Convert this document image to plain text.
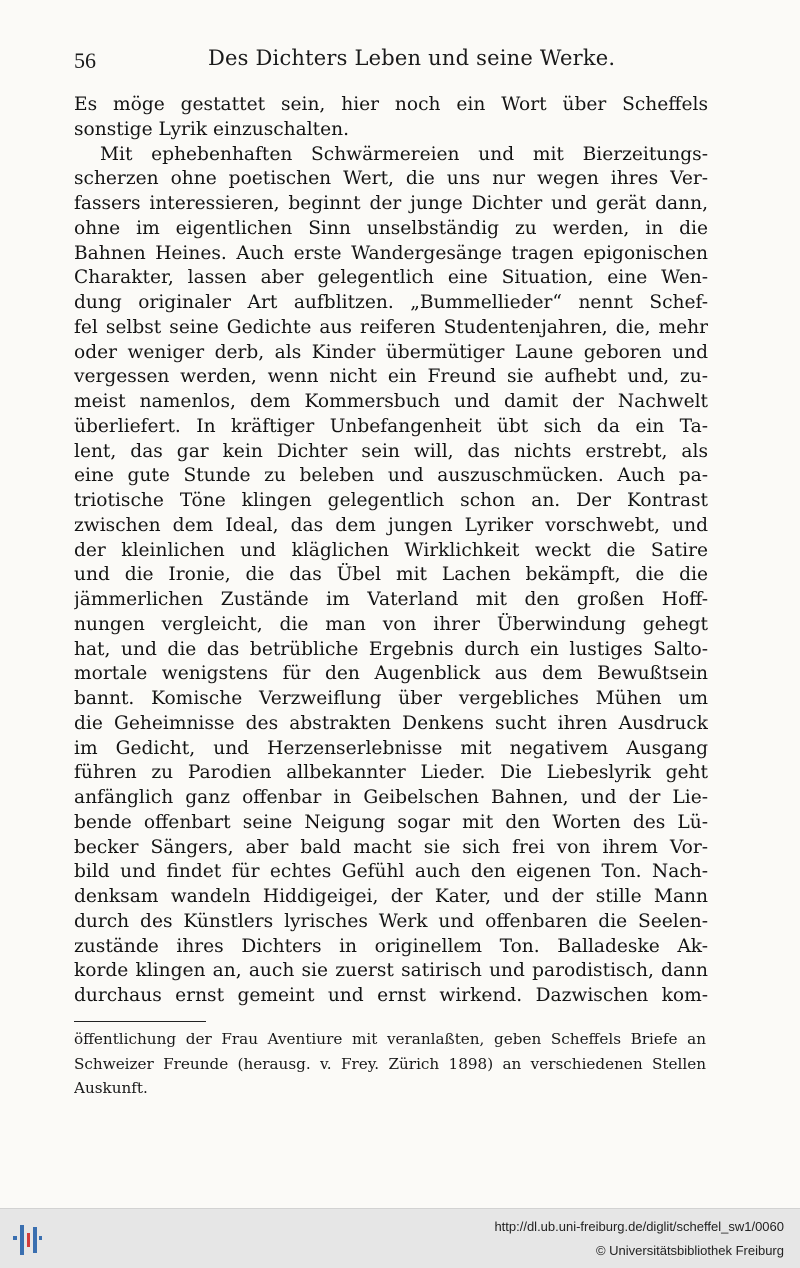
56	Des Dichters Leben und seine Werke.
Es möge gestattet sein, hier noch ein Wort über Scheffels
sonstige Lyrik einzuschalten.
Mit ephebenhaften Schwärmereien und mit Bierzeitungs-
scherzen ohne poetischen Wert, die uns nur wegen ihres Ver-
fassers interessieren, beginnt der junge Dichter und gerät dann,
ohne im eigentlichen Sinn unselbständig zu werden, in die
Bahnen Heines. Auch erste Wandergesänge tragen epigonischen
Charakter, lassen aber gelegentlich eine Situation, eine Wen-
dung originaler Art aufblitzen. „Bummellieder“ nennt Schef-
fel selbst seine Gedichte aus reiferen Studentenjahren, die, mehr
oder weniger derb, als Kinder übermütiger Laune geboren und
vergessen werden, wenn nicht ein Freund sie aufhebt und, zu-
meist namenlos, dem Kommersbuch und damit der Nachwelt
überliefert. In kräftiger Unbefangenheit übt sich da ein Ta-
lent, das gar kein Dichter sein will, das nichts erstrebt, als
eine gute Stunde zu beleben und auszuschmücken. Auch pa-
triotische Töne klingen gelegentlich schon an. Der Kontrast
zwischen dem Ideal, das dem jungen Lyriker vorschwebt, und
der kleinlichen und kläglichen Wirklichkeit weckt die Satire
und die Ironie, die das Übel mit Lachen bekämpft, die die
jämmerlichen Zustände im Vaterland mit den großen Hoff-
nungen vergleicht, die man von ihrer Überwindung gehegt
hat, und die das betrübliche Ergebnis durch ein lustiges Salto-
mortale wenigstens für den Augenblick aus dem Bewußtsein
bannt. Komische Verzweiflung über vergebliches Mühen um
die Geheimnisse des abstrakten Denkens sucht ihren Ausdruck
im Gedicht, und Herzenserlebnisse mit negativem Ausgang
führen zu Parodien allbekannter Lieder. Die Liebeslyrik geht
anfänglich ganz offenbar in Geibelschen Bahnen, und der Lie-
bende offenbart seine Neigung sogar mit den Worten des Lü-
becker Sängers, aber bald macht sie sich frei von ihrem Vor-
bild und findet für echtes Gefühl auch den eigenen Ton. Nach-
denksam wandeln Hiddigeigei, der Kater, und der stille Mann
durch des Künstlers lyrisches Werk und offenbaren die Seelen-
zustände ihres Dichters in originellem Ton. Balladeske Ak-
korde klingen an, auch sie zuerst satirisch und parodistisch, dann
durchaus ernst gemeint und ernst wirkend. Dazwischen kom-
öffentlichung der Frau Aventiure mit veranlaßten, geben Scheffels Briefe an
Schweizer Freunde (herausg. v. Frey. Zürich 1898) an verschiedenen Stellen
Auskunft.
http://dl.ub.uni-freiburg.de/diglit/scheffel_sw1/0060
© Universitätsbibliothek Freiburg
